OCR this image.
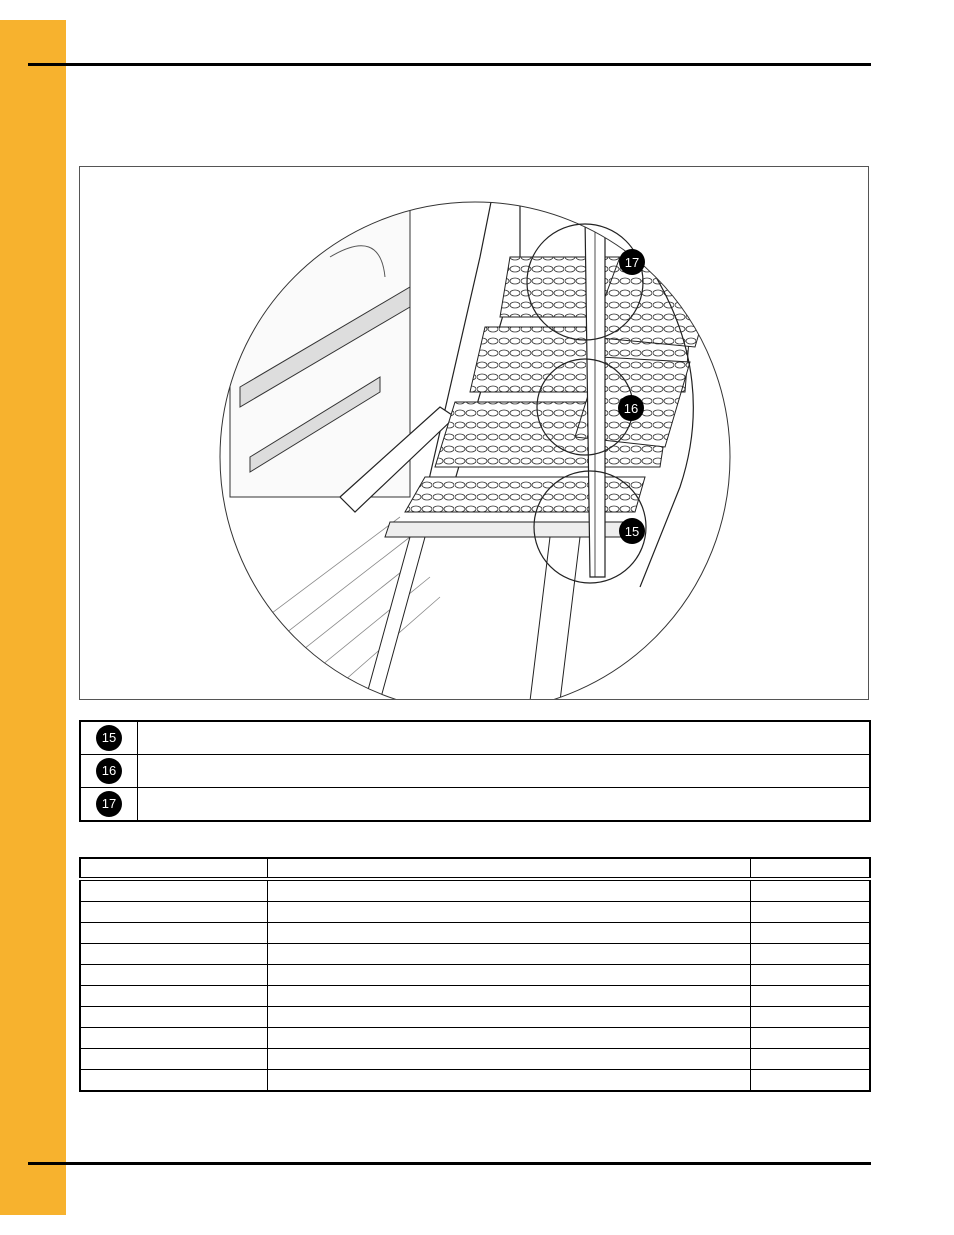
17
16
15
15	
16	
17	
